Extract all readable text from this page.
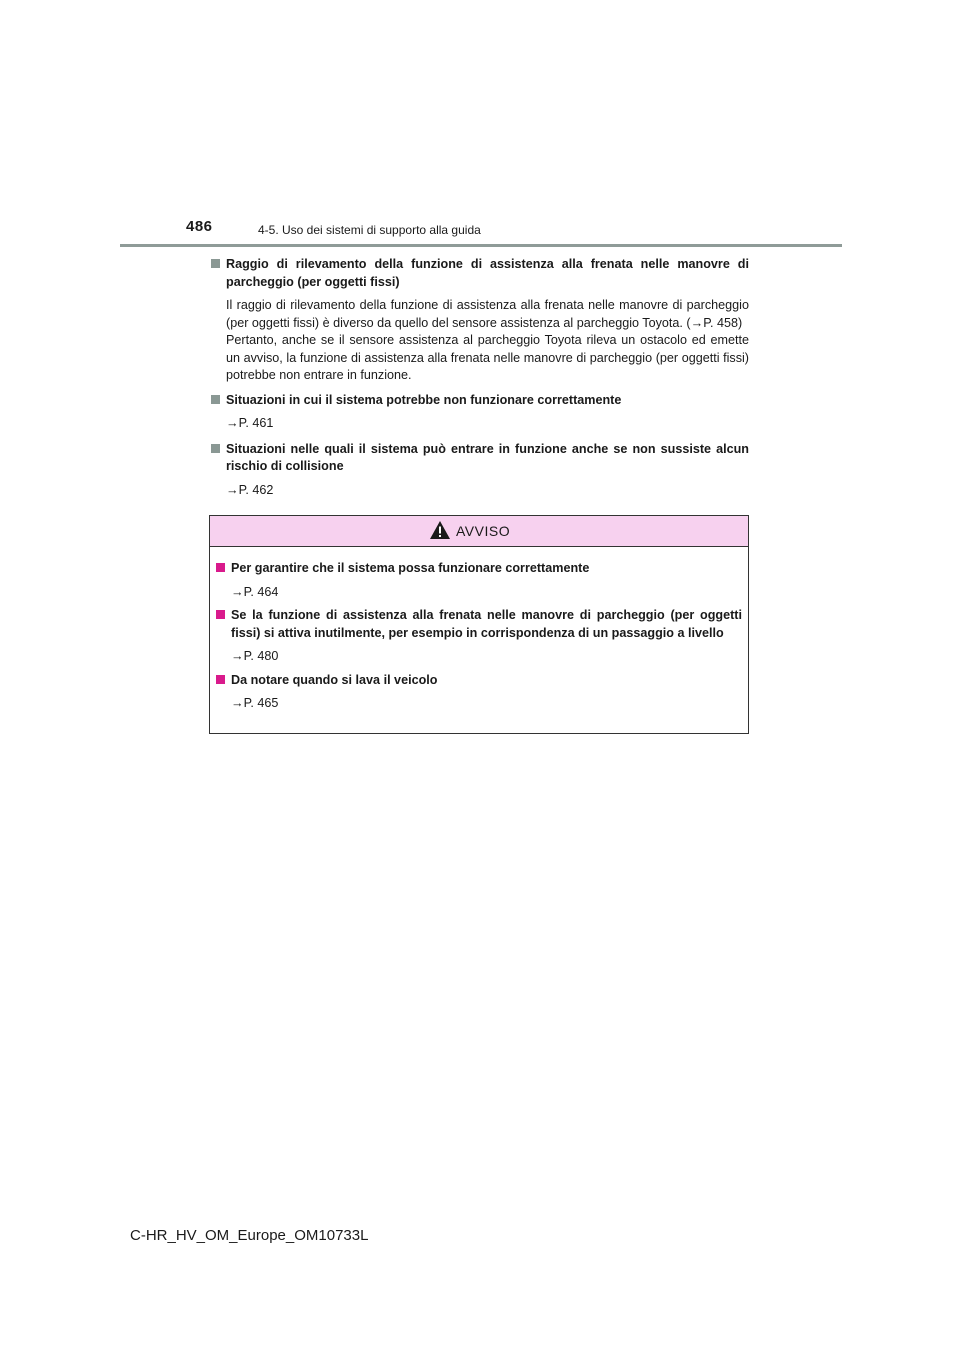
486	4-5. Uso dei sistemi di supporto alla guida
Raggio di rilevamento della funzione di assistenza alla frenata nelle manovre di parcheggio (per oggetti fissi)
Il raggio di rilevamento della funzione di assistenza alla frenata nelle manovre di parcheggio (per oggetti fissi) è diverso da quello del sensore assistenza al parcheggio Toyota. (→P. 458)
Pertanto, anche se il sensore assistenza al parcheggio Toyota rileva un ostacolo ed emette un avviso, la funzione di assistenza alla frenata nelle manovre di parcheggio (per oggetti fissi) potrebbe non entrare in funzione.
Situazioni in cui il sistema potrebbe non funzionare correttamente
→P. 461
Situazioni nelle quali il sistema può entrare in funzione anche se non sussiste alcun rischio di collisione
→P. 462
AVVISO
Per garantire che il sistema possa funzionare correttamente
→P. 464
Se la funzione di assistenza alla frenata nelle manovre di parcheggio (per oggetti fissi) si attiva inutilmente, per esempio in corrispondenza di un passaggio a livello
→P. 480
Da notare quando si lava il veicolo
→P. 465
C-HR_HV_OM_Europe_OM10733L
